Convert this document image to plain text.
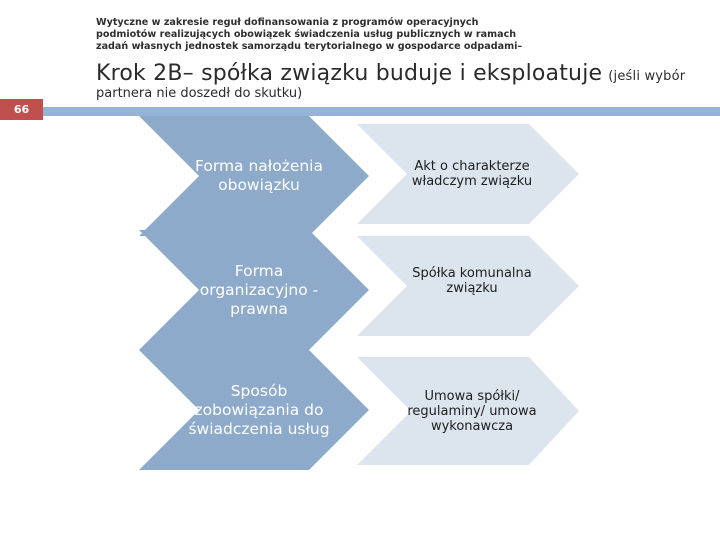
Wytyczne w zakresie reguł dofinansowania z programów operacyjnych
podmiotów realizujących obowiązek świadczenia usług publicznych w ramach
zadań własnych jednostek samorządu terytorialnego w gospodarce odpadami–
Krok 2B– spółka związku buduje i eksploatuje (jeśli wybór
partnera nie doszedł do skutku)
66
Forma nałożenia obowiązku
Akt o charakterze władczym związku
Forma organizacyjno - prawna
Spółka komunalna związku
Sposób zobowiązania do świadczenia usług
Umowa spółki/ regulaminy/ umowa wykonawcza
